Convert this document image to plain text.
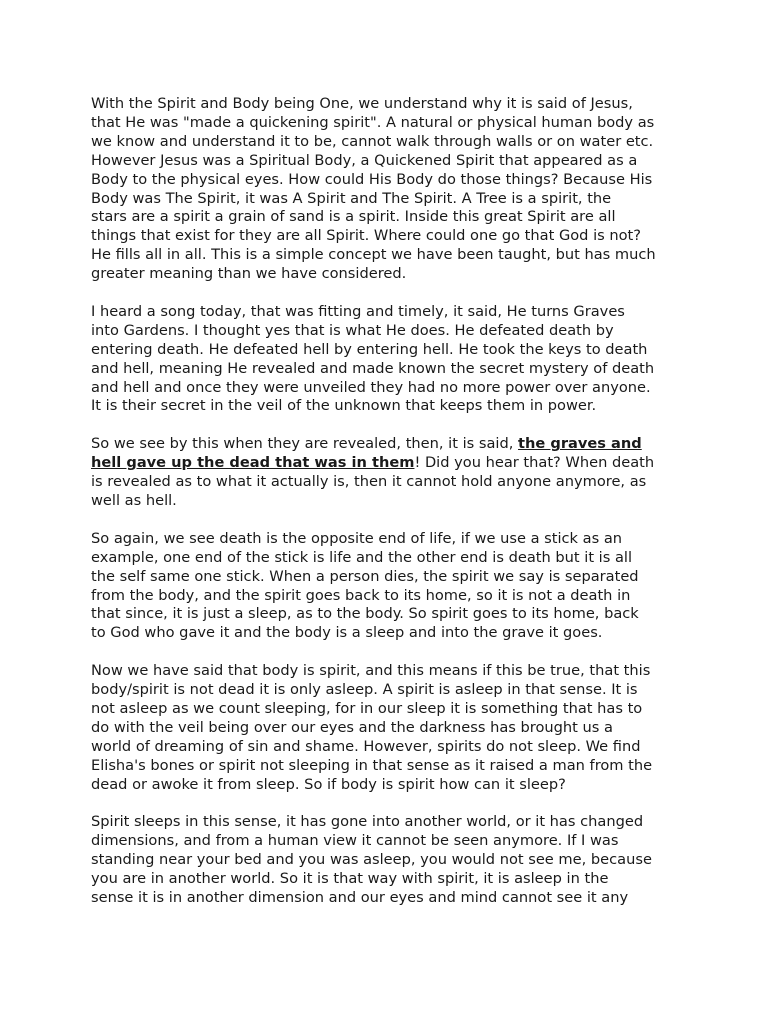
With the Spirit and Body being One, we understand why it is said of Jesus,
that He was "made a quickening spirit". A natural or physical human body as
we know and understand it to be, cannot walk through walls or on water etc.
However Jesus was a Spiritual Body, a Quickened Spirit that appeared as a
Body to the physical eyes. How could His Body do those things? Because His
Body was The Spirit, it was A Spirit and The Spirit. A Tree is a spirit, the
stars are a spirit a grain of sand is a spirit. Inside this great Spirit are all
things that exist for they are all Spirit. Where could one go that God is not?
He fills all in all. This is a simple concept we have been taught, but has much
greater meaning than we have considered.

I heard a song today, that was fitting and timely, it said, He turns Graves
into Gardens. I thought yes that is what He does. He defeated death by
entering death. He defeated hell by entering hell. He took the keys to death
and hell, meaning He revealed and made known the secret mystery of death
and hell and once they were unveiled they had no more power over anyone.
It is their secret in the veil of the unknown that keeps them in power.

So we see by this when they are revealed, then, it is said, the graves and
hell gave up the dead that was in them! Did you hear that? When death
is revealed as to what it actually is, then it cannot hold anyone anymore, as
well as hell.

So again, we see death is the opposite end of life, if we use a stick as an
example, one end of the stick is life and the other end is death but it is all
the self same one stick. When a person dies, the spirit we say is separated
from the body, and the spirit goes back to its home, so it is not a death in
that since, it is just a sleep, as to the body. So spirit goes to its home, back
to God who gave it and the body is a sleep and into the grave it goes.

Now we have said that body is spirit, and this means if this be true, that this
body/spirit is not dead it is only asleep. A spirit is asleep in that sense. It is
not asleep as we count sleeping, for in our sleep it is something that has to
do with the veil being over our eyes and the darkness has brought us a
world of dreaming of sin and shame. However, spirits do not sleep. We find
Elisha's bones or spirit not sleeping in that sense as it raised a man from the
dead or awoke it from sleep. So if body is spirit how can it sleep?

Spirit sleeps in this sense, it has gone into another world, or it has changed
dimensions, and from a human view it cannot be seen anymore. If I was
standing near your bed and you was asleep, you would not see me, because
you are in another world. So it is that way with spirit, it is asleep in the
sense it is in another dimension and our eyes and mind cannot see it any
